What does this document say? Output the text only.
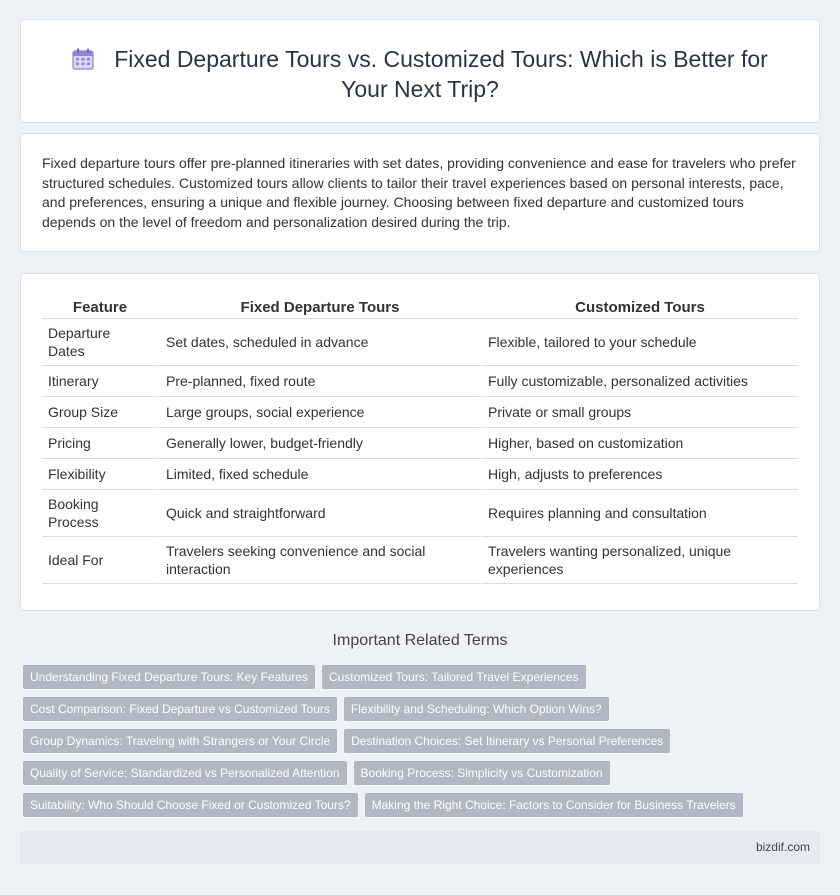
Fixed Departure Tours vs. Customized Tours: Which is Better for Your Next Trip?

Fixed departure tours offer pre-planned itineraries with set dates, providing convenience and ease for travelers who prefer structured schedules. Customized tours allow clients to tailor their travel experiences based on personal interests, pace, and preferences, ensuring a unique and flexible journey. Choosing between fixed departure and customized tours depends on the level of freedom and personalization desired during the trip.

Feature	Fixed Departure Tours	Customized Tours
Departure Dates	Set dates, scheduled in advance	Flexible, tailored to your schedule
Itinerary	Pre-planned, fixed route	Fully customizable, personalized activities
Group Size	Large groups, social experience	Private or small groups
Pricing	Generally lower, budget-friendly	Higher, based on customization
Flexibility	Limited, fixed schedule	High, adjusts to preferences
Booking Process	Quick and straightforward	Requires planning and consultation
Ideal For	Travelers seeking convenience and social interaction	Travelers wanting personalized, unique experiences
Important Related Terms
Understanding Fixed Departure Tours: Key Features	Customized Tours: Tailored Travel Experiences
Cost Comparison: Fixed Departure vs Customized Tours	Flexibility and Scheduling: Which Option Wins?
Group Dynamics: Traveling with Strangers or Your Circle	Destination Choices: Set Itinerary vs Personal Preferences
Quality of Service: Standardized vs Personalized Attention	Booking Process: Simplicity vs Customization
Suitability: Who Should Choose Fixed or Customized Tours?	Making the Right Choice: Factors to Consider for Business Travelers
bizdif.com
